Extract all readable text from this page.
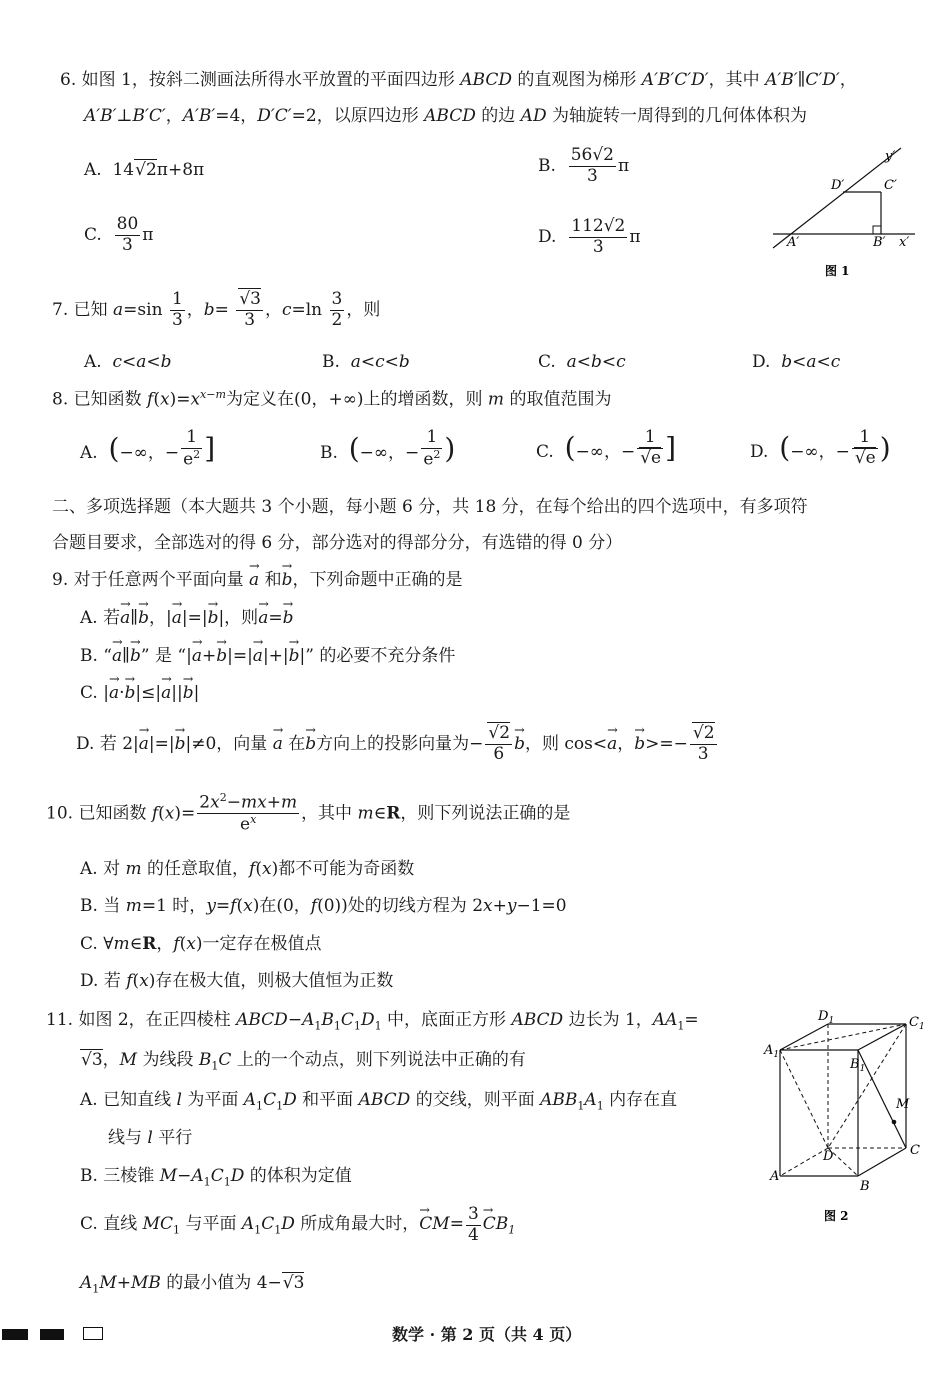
6. 如图 1，按斜二测画法所得水平放置的平面四边形 ABCD 的直观图为梯形 A′B′C′D′，其中 A′B′∥C′D′，
A′B′⊥B′C′，A′B′=4，D′C′=2，以原四边形 ABCD 的边 AD 为轴旋转一周得到的几何体体积为
A.  14√2π+8π	B. $\frac{56√2}{3}$ π
C. $\frac{80}{3}$ π	D. $\frac{112√2}{3}$ π
y′
D′	C′
A′	B′ x′
图 1
7. 已知 $a=\sin \frac{1}{3}$ ，$b= \frac{√3}{3}$ ，$c=\ln \frac{3}{2}$ ，则
A.  c<a<b	B.  a<c<b	C.  a<b<c	D.  b<a<c
8. 已知函数 $f(x)=x^{x-m}$为定义在(0，+∞)上的增函数，则 m 的取值范围为
A.  (−∞，− $\frac{1}{e^2}$ ]	B.  (−∞，− $\frac{1}{e^2}$ )	C.  (−∞，− $\frac{1}{√e}$ ]	D.  (−∞，− $\frac{1}{√e}$ )
二、多项选择题（本大题共 3 个小题，每小题 6 分，共 18 分，在每个给出的四个选项中，有多项符
合题目要求，全部选对的得 6 分，部分选对的得部分分，有选错的得 0 分）
9. 对于任意两个平面向量 → a 和→ b，下列命题中正确的是
A. 若→ a∥→ b，|→ a|=|→ b|，则→ a=→ b
B. “→ a∥→ b” 是 “|→ a+→ b|=|→ a|+|→ b|” 的必要不充分条件
C. |→ a·→ b|≤|→ a||→ b|
D. 若 2|→ a|=|→ b|≠0，向量 → a 在→ b方向上的投影向量为− $\frac{√2}{6}$
→ b，则 cos<→ a，→ $b>=- \frac{√2}{3}$
10. 已知函数 $f(x)= \frac{2x^2-mx+m}{e^x}$ ，其中 m∈R，则下列说法正确的是
A. 对 m 的任意取值，f(x)都不可能为奇函数
B. 当 m=1 时，y=f(x)在(0，f(0))处的切线方程为 2x+y−1=0
C. ∀m∈R，f(x)一定存在极值点
D. 若 f(x)存在极大值，则极大值恒为正数
11. 如图 2，在正四棱柱 $ABCD-A_1B_1C_1D_1$ 中，底面正方形 ABCD 边长为 1，$AA_1=$
√3，M 为线段 $B_1C$ 上的一个动点，则下列说法中正确的有
A. 已知直线 l 为平面 $A_1C_1D$ 和平面 ABCD 的交线，则平面 $ABB_1A_1$ 内存在直
线与 l 平行
B. 三棱锥 $M-A_1C_1D$ 的体积为定值
C. 直线 $MC_1$ 与平面 $A_1C_1D$ 所成角最大时，→ $CM= \frac{3}{4}$
→ $CB_1$
$A_1M+MB$ 的最小值为 4−√3
$D_1$	$C_1$
$A_1$
$B_1$
M
D	C
A
B
图 2
数学 · 第 2 页（共 4 页）
